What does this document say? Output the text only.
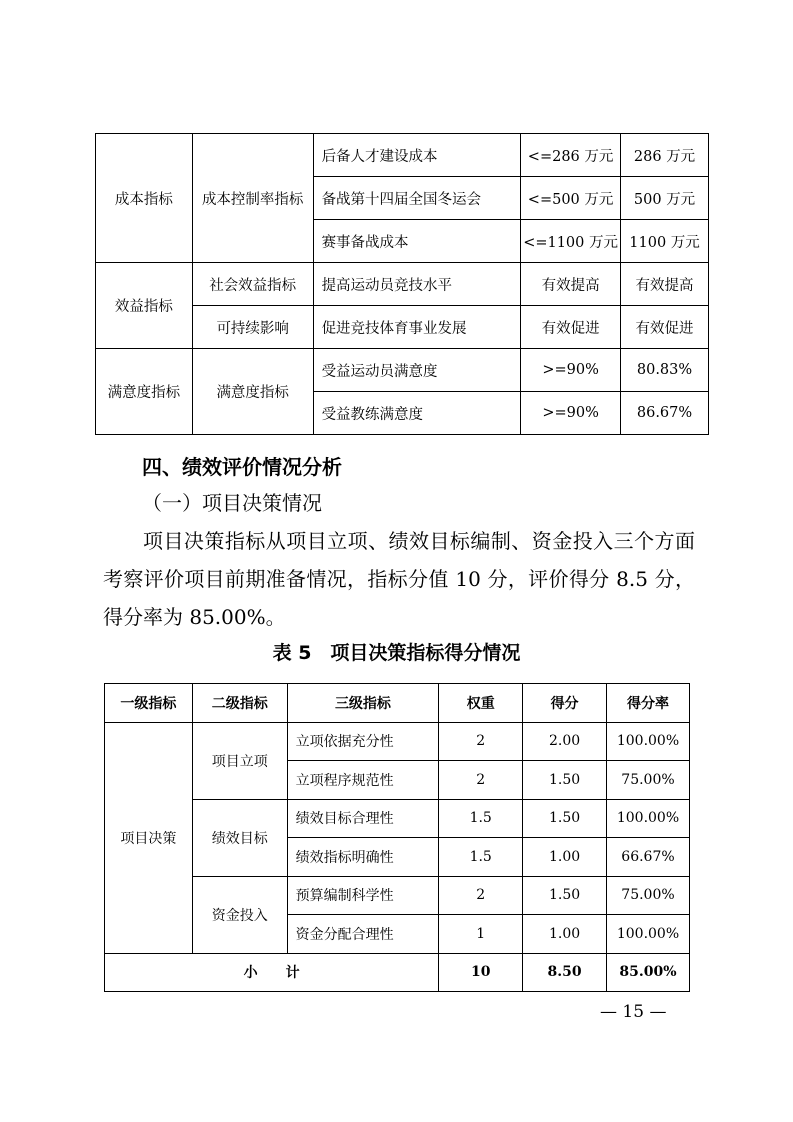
成本指标	成本控制率指标	后备人才建设成本	<=286 万元	286 万元
		备战第十四届全国冬运会	<=500 万元	500 万元
		赛事备战成本	<=1100 万元	1100 万元
效益指标	社会效益指标	提高运动员竞技水平	有效提高	有效提高
	可持续影响	促进竞技体育事业发展	有效促进	有效促进
满意度指标	满意度指标	受益运动员满意度	>=90%	80.83%
		受益教练满意度	>=90%	86.67%
四、绩效评价情况分析
（一）项目决策情况
项目决策指标从项目立项、绩效目标编制、资金投入三个方面考察评价项目前期准备情况，指标分值 10 分，评价得分 8.5 分，得分率为 85.00%。
表 5　项目决策指标得分情况
一级指标	二级指标	三级指标	权重	得分	得分率
项目决策	项目立项	立项依据充分性	2	2.00	100.00%
		立项程序规范性	2	1.50	75.00%
	绩效目标	绩效目标合理性	1.5	1.50	100.00%
		绩效指标明确性	1.5	1.00	66.67%
	资金投入	预算编制科学性	2	1.50	75.00%
		资金分配合理性	1	1.00	100.00%
小　　计			10	8.50	85.00%
— 15 —
